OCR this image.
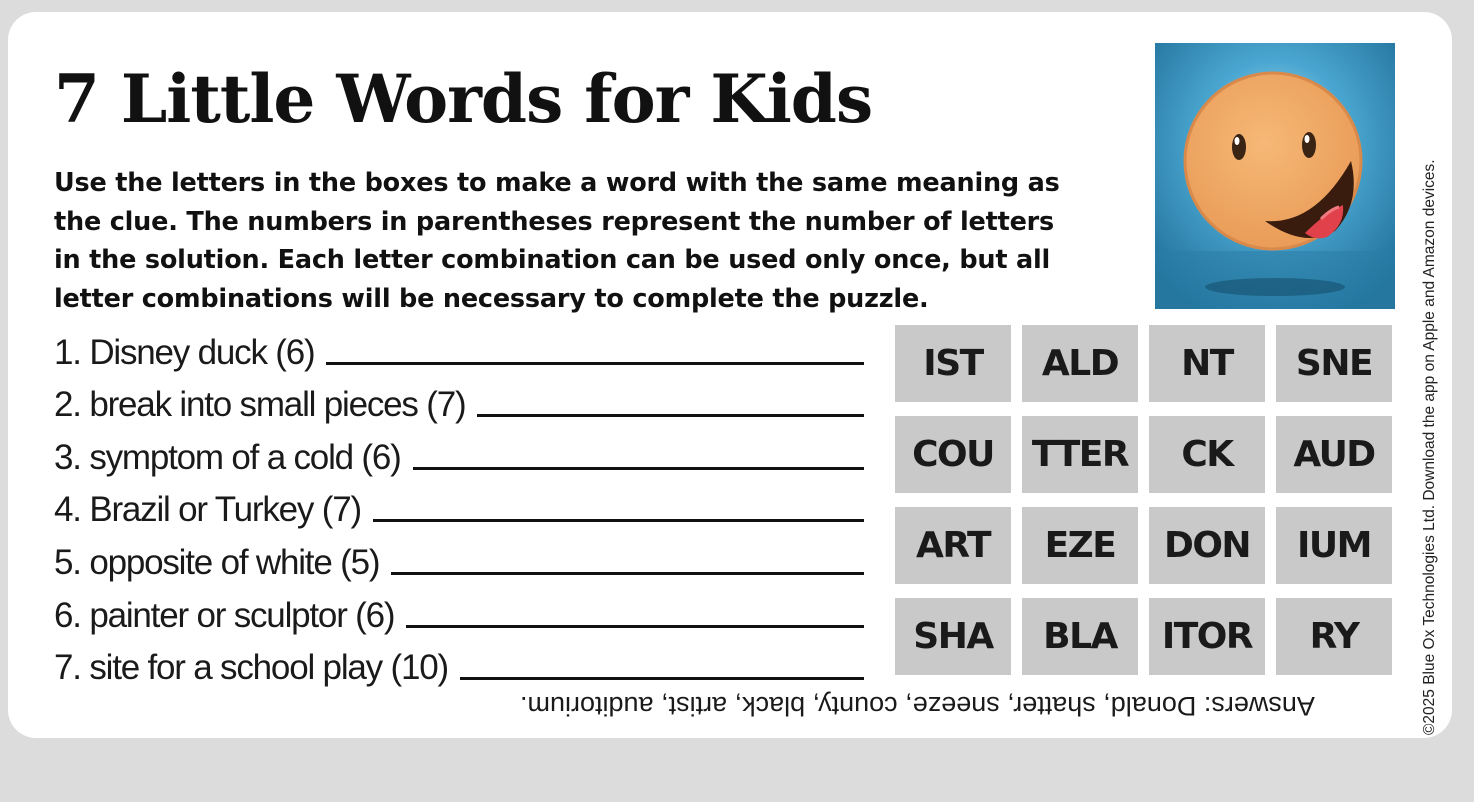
7 Little Words for Kids
Use the letters in the boxes to make a word with the same meaning as the clue. The numbers in parentheses represent the number of letters in the solution. Each letter combination can be used only once, but all letter combinations will be necessary to complete the puzzle.
1. Disney duck (6)
2. break into small pieces (7)
3. symptom of a cold (6)
4. Brazil or Turkey (7)
5. opposite of white (5)
6. painter or sculptor (6)
7. site for a school play (10)
IST	ALD	NT	SNE
COU	TTER	CK	AUD
ART	EZE	DON	IUM
SHA	BLA	ITOR	RY
Answers: Donald, shatter, sneeze, county, black, artist, auditorium.	©2025 Blue Ox Technologies Ltd. Download the app on Apple and Amazon devices.
